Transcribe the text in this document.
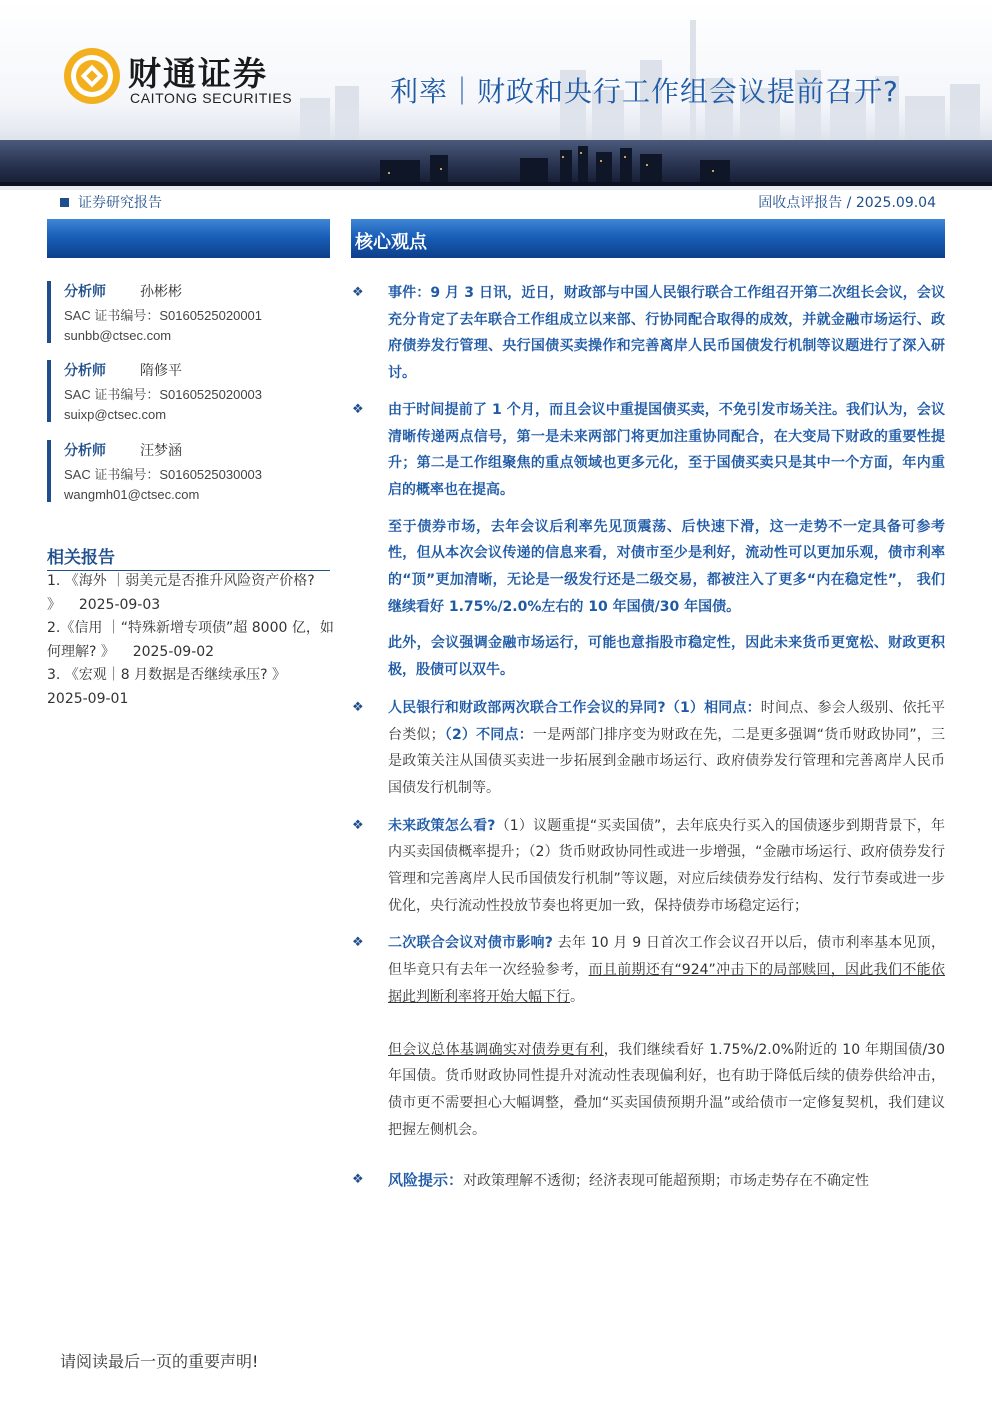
财通证券
CAITONG SECURITIES	利率｜财政和央行工作组会议提前召开?
证券研究报告	固收点评报告 / 2025.09.04
核心观点
分析师 孙彬彬
SAC 证书编号：S0160525020001
sunbb@ctsec.com
分析师 隋修平
SAC 证书编号：S0160525020003
suixp@ctsec.com
分析师 汪梦涵
SAC 证书编号：S0160525030003
wangmh01@ctsec.com
相关报告
1. 《海外 ｜弱美元是否推升风险资产价格? 》 2025-09-03
2.《信用 ｜“特殊新增专项债”超 8000 亿，如何理解? 》 2025-09-02
3. 《宏观｜8 月数据是否继续承压? 》
2025-09-01
❖ 事件：9 月 3 日讯，近日，财政部与中国人民银行联合工作组召开第二次组长会议，会议充分肯定了去年联合工作组成立以来部、行协同配合取得的成效，并就金融市场运行、政府债券发行管理、央行国债买卖操作和完善离岸人民币国债发行机制等议题进行了深入研讨。
❖ 由于时间提前了 1 个月，而且会议中重提国债买卖，不免引发市场关注。我们认为，会议清晰传递两点信号，第一是未来两部门将更加注重协同配合，在大变局下财政的重要性提升；第二是工作组聚焦的重点领域也更多元化，至于国债买卖只是其中一个方面，年内重启的概率也在提高。
至于债券市场，去年会议后利率先见顶震荡、后快速下滑，这一走势不一定具备可参考性，但从本次会议传递的信息来看，对债市至少是利好，流动性可以更加乐观，债市利率的“顶”更加清晰，无论是一级发行还是二级交易，都被注入了更多“内在稳定性”， 我们继续看好 1.75%/2.0%左右的 10 年国债/30 年国债。
此外，会议强调金融市场运行，可能也意指股市稳定性，因此未来货币更宽松、财政更积极，股债可以双牛。
❖ 人民银行和财政部两次联合工作会议的异同?（1）相同点：时间点、参会人级别、依托平台类似；（2）不同点：一是两部门排序变为财政在先，二是更多强调“货币财政协同”，三是政策关注从国债买卖进一步拓展到金融市场运行、政府债券发行管理和完善离岸人民币国债发行机制等。
❖ 未来政策怎么看?（1）议题重提“买卖国债”，去年底央行买入的国债逐步到期背景下，年内买卖国债概率提升；（2）货币财政协同性或进一步增强，“金融市场运行、政府债券发行管理和完善离岸人民币国债发行机制”等议题，对应后续债券发行结构、发行节奏或进一步优化，央行流动性投放节奏也将更加一致，保持债券市场稳定运行；
❖ 二次联合会议对债市影响? 去年 10 月 9 日首次工作会议召开以后，债市利率基本见顶，但毕竟只有去年一次经验参考，而且前期还有“924”冲击下的局部赎回，因此我们不能依据此判断利率将开始大幅下行。
但会议总体基调确实对债券更有利，我们继续看好 1.75%/2.0%附近的 10 年期国债/30 年国债。货币财政协同性提升对流动性表现偏利好，也有助于降低后续的债券供给冲击，债市更不需要担心大幅调整，叠加“买卖国债预期升温”或给债市一定修复契机，我们建议把握左侧机会。
❖ 风险提示：对政策理解不透彻；经济表现可能超预期；市场走势存在不确定性
请阅读最后一页的重要声明!
